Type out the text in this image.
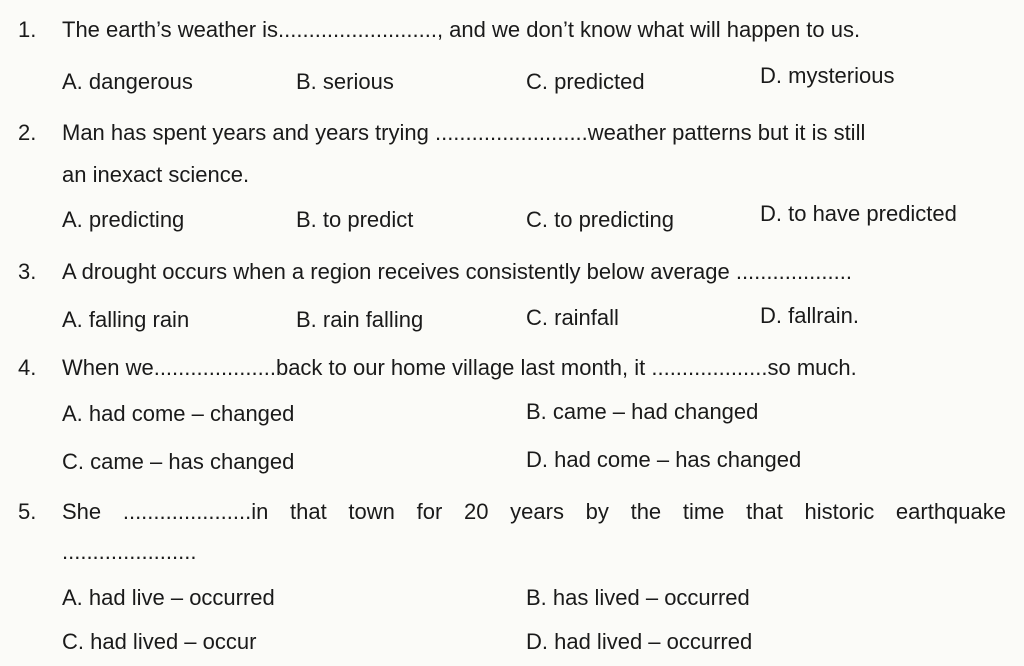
1. The earth’s weather is.........................., and we don’t know what will happen to us.
A. dangerous	B. serious	C. predicted	D. mysterious
2. Man has spent years and years trying .........................weather patterns but it is still
an inexact science.
A. predicting	B. to predict	C. to predicting	D. to have predicted
3. A drought occurs when a region receives consistently below average ...................
A. falling rain	B. rain falling	C. rainfall	D. fallrain.
4. When we....................back to our home village last month, it ...................so much.
A. had come – changed	B. came – had changed
C. came – has changed	D. had come – has changed
5. She .....................in that town for 20 years by the time that historic earthquake
......................
A. had live – occurred	B. has lived – occurred
C. had lived – occur	D. had lived – occurred
